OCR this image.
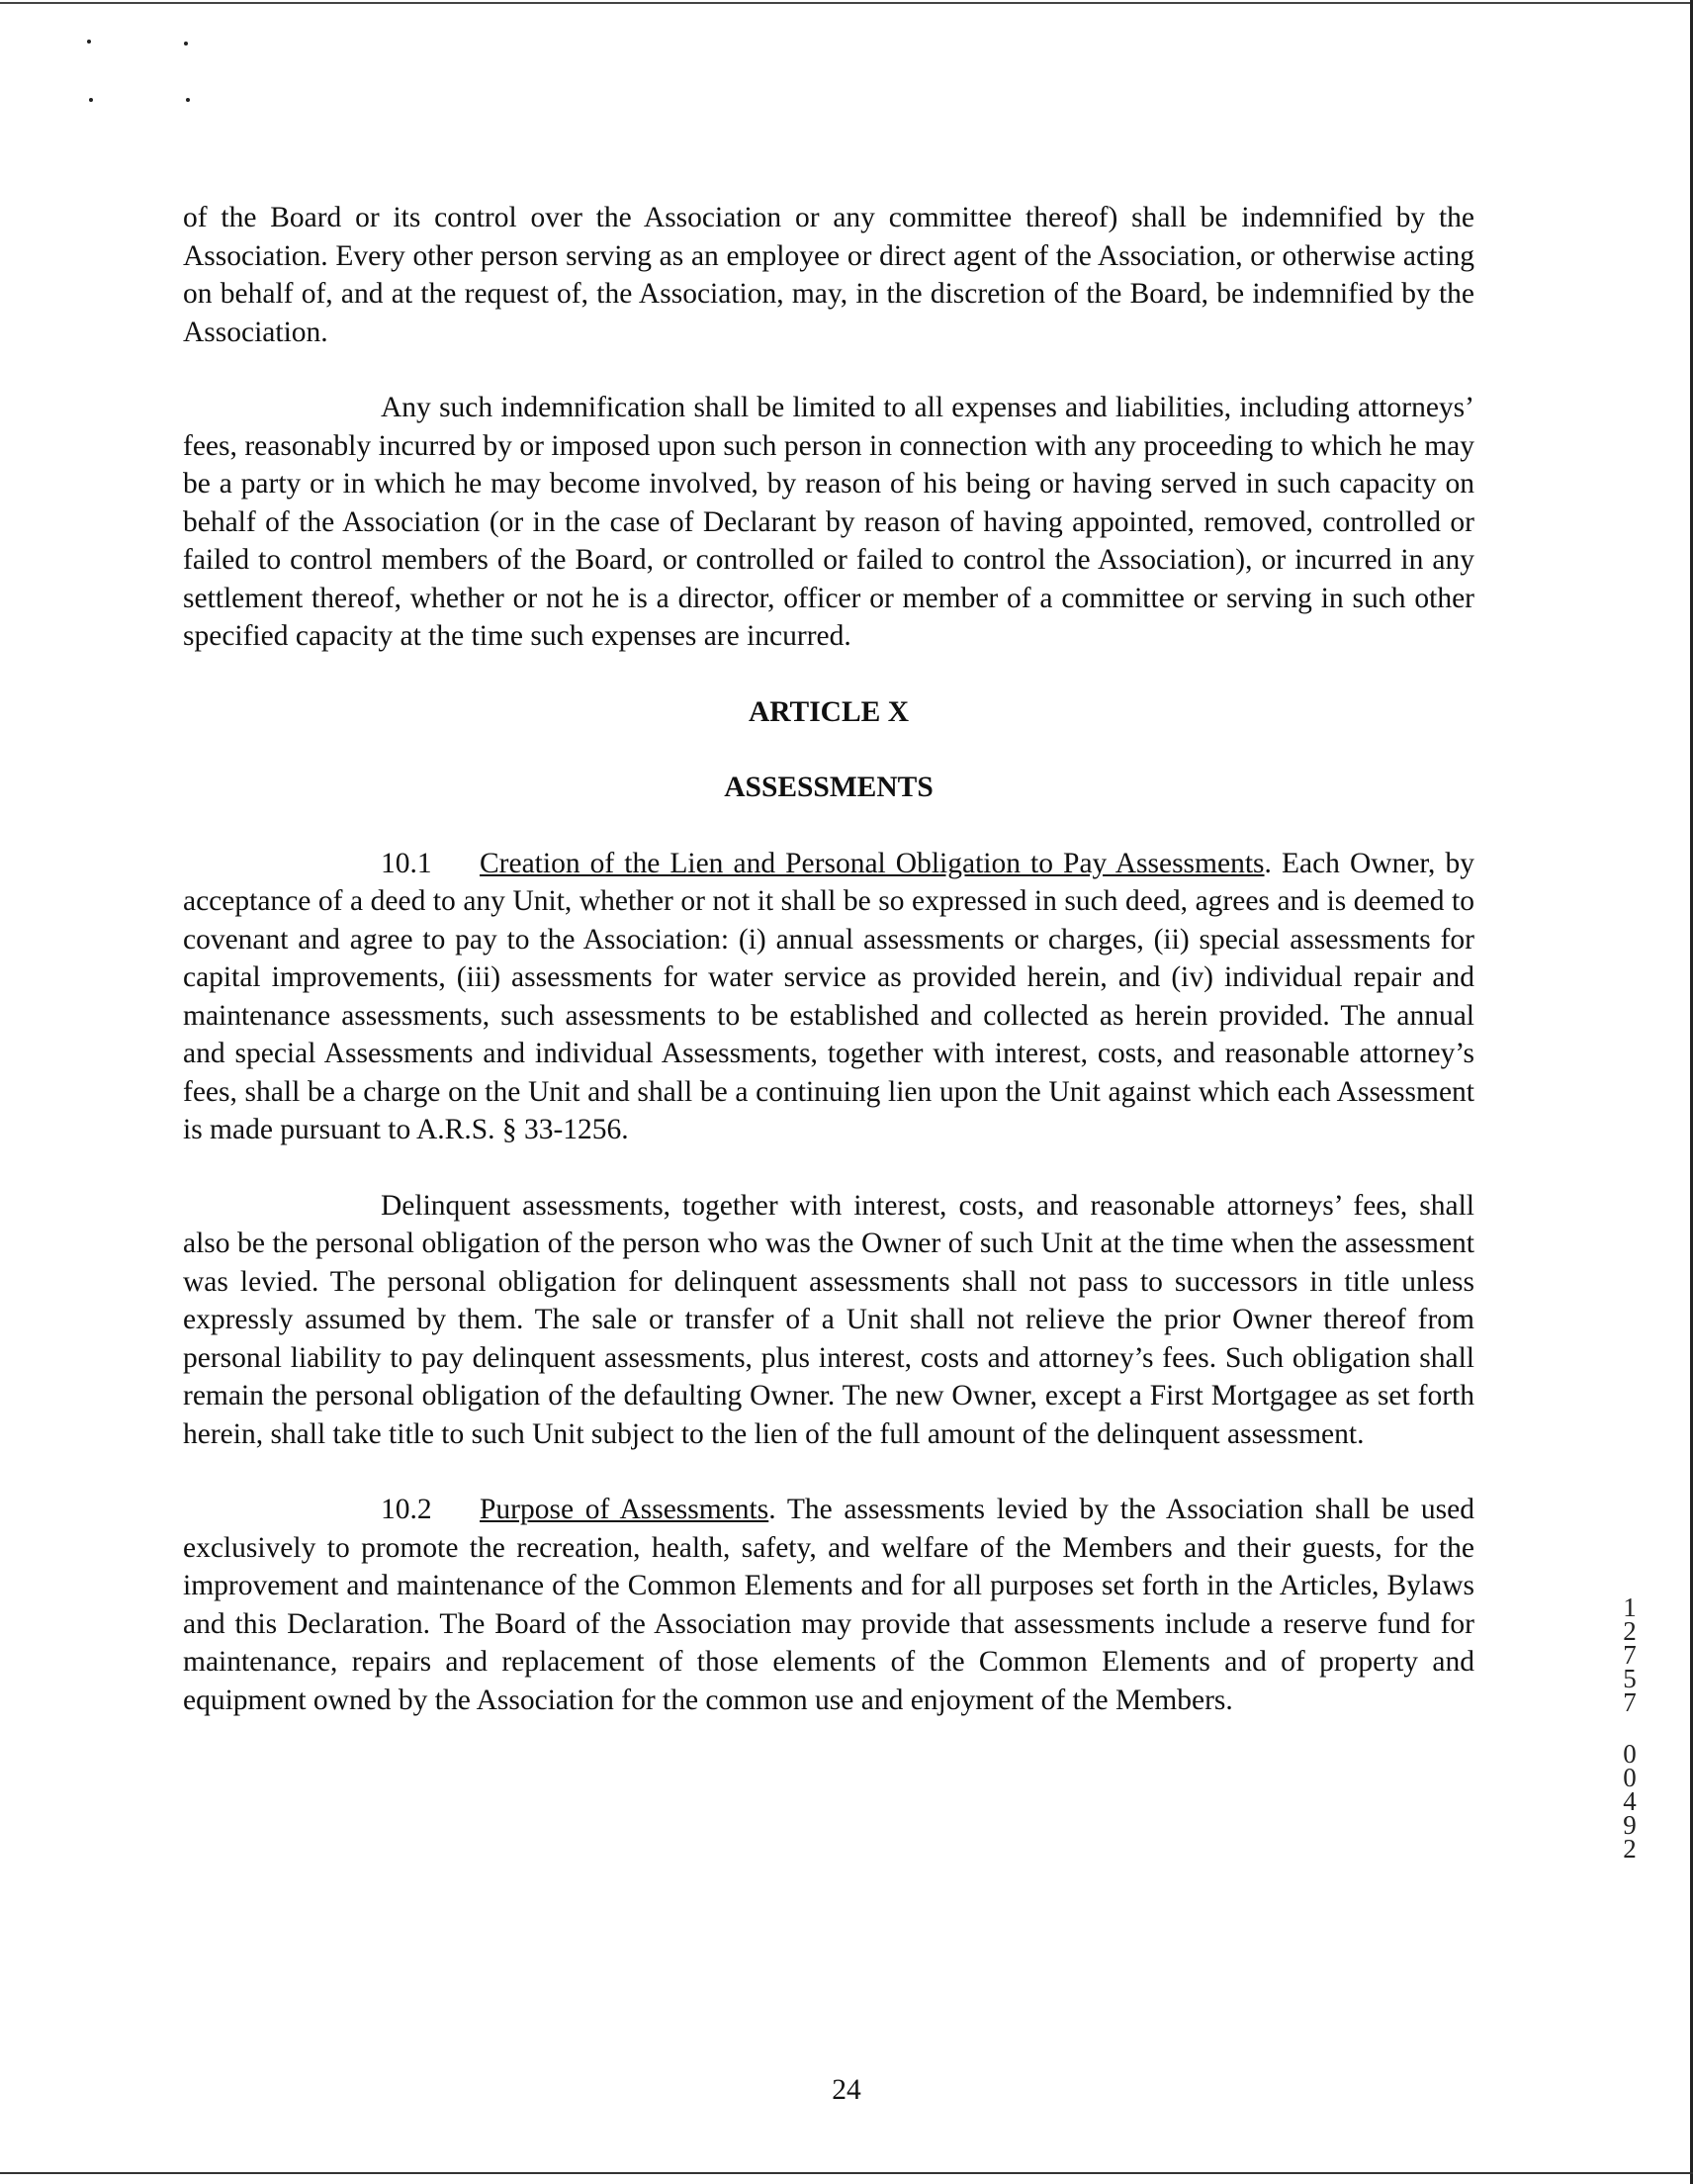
of the Board or its control over the Association or any committee thereof) shall be indemnified by the Association. Every other person serving as an employee or direct agent of the Association, or otherwise acting on behalf of, and at the request of, the Association, may, in the discretion of the Board, be indemnified by the Association.

Any such indemnification shall be limited to all expenses and liabilities, including attorneys’ fees, reasonably incurred by or imposed upon such person in connection with any proceeding to which he may be a party or in which he may become involved, by reason of his being or having served in such capacity on behalf of the Association (or in the case of Declarant by reason of having appointed, removed, controlled or failed to control members of the Board, or controlled or failed to control the Association), or incurred in any settlement thereof, whether or not he is a director, officer or member of a committee or serving in such other specified capacity at the time such expenses are incurred.

ARTICLE X
ASSESSMENTS

10.1 Creation of the Lien and Personal Obligation to Pay Assessments. Each Owner, by acceptance of a deed to any Unit, whether or not it shall be so expressed in such deed, agrees and is deemed to covenant and agree to pay to the Association: (i) annual assessments or charges, (ii) special assessments for capital improvements, (iii) assessments for water service as provided herein, and (iv) individual repair and maintenance assessments, such assessments to be established and collected as herein provided. The annual and special Assessments and individual Assessments, together with interest, costs, and reasonable attorney’s fees, shall be a charge on the Unit and shall be a continuing lien upon the Unit against which each Assessment is made pursuant to A.R.S. § 33-1256.

Delinquent assessments, together with interest, costs, and reasonable attorneys’ fees, shall also be the personal obligation of the person who was the Owner of such Unit at the time when the assessment was levied. The personal obligation for delinquent assessments shall not pass to successors in title unless expressly assumed by them. The sale or transfer of a Unit shall not relieve the prior Owner thereof from personal liability to pay delinquent assessments, plus interest, costs and attorney’s fees. Such obligation shall remain the personal obligation of the defaulting Owner. The new Owner, except a First Mortgagee as set forth herein, shall take title to such Unit subject to the lien of the full amount of the delinquent assessment.

10.2 Purpose of Assessments. The assessments levied by the Association shall be used exclusively to promote the recreation, health, safety, and welfare of the Members and their guests, for the improvement and maintenance of the Common Elements and for all purposes set forth in the Articles, Bylaws and this Declaration. The Board of the Association may provide that assessments include a reserve fund for maintenance, repairs and replacement of those elements of the Common Elements and of property and equipment owned by the Association for the common use and enjoyment of the Members.

1
2
7
5
7
0
0
4
9
2
24
